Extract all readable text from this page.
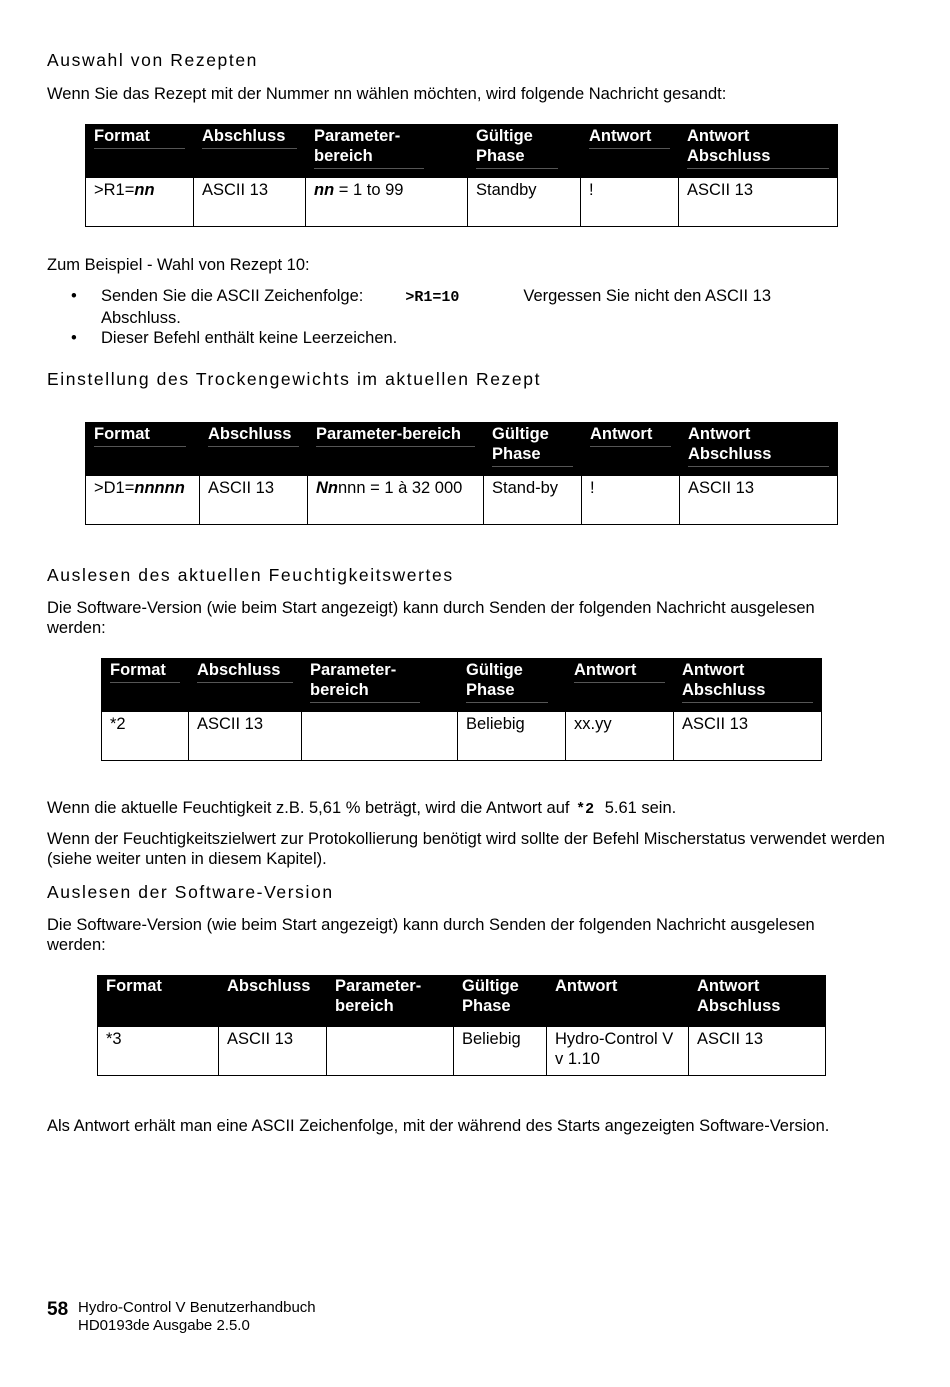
Auswahl von Rezepten
Wenn Sie das Rezept mit der Nummer nn wählen möchten, wird folgende Nachricht gesandt:
Format	Abschluss	Parameter-bereich	Gültige Phase	Antwort	Antwort Abschluss

>R1=nn	ASCII 13	nn = 1 to 99	Standby	!	ASCII 13
Zum Beispiel - Wahl von Rezept 10:
• Senden Sie die ASCII Zeichenfolge:	>R1=10	Vergessen Sie nicht den ASCII 13
Abschluss.
• Dieser Befehl enthält keine Leerzeichen.
Einstellung des Trockengewichts im aktuellen Rezept
Format	Abschluss	Parameter-bereich	Gültige Phase	Antwort	Antwort Abschluss

>D1=nnnnn	ASCII 13	Nnnnn = 1 à 32 000	Stand-by	!	ASCII 13
Auslesen des aktuellen Feuchtigkeitswertes
Die Software-Version (wie beim Start angezeigt) kann durch Senden der folgenden Nachricht ausgelesen werden:
Format	Abschluss	Parameter-bereich	Gültige Phase	Antwort	Antwort Abschluss

*2	ASCII 13		Beliebig	xx.yy	ASCII 13
Wenn die aktuelle Feuchtigkeit z.B. 5,61 % beträgt, wird die Antwort auf *2 5.61 sein.
Wenn der Feuchtigkeitszielwert zur Protokollierung benötigt wird sollte der Befehl Mischerstatus verwendet werden (siehe weiter unten in diesem Kapitel).
Auslesen der Software-Version
Die Software-Version (wie beim Start angezeigt) kann durch Senden der folgenden Nachricht ausgelesen werden:
Format	Abschluss	Parameter-bereich	Gültige Phase	Antwort	Antwort Abschluss
*3	ASCII 13		Beliebig	Hydro-Control V v 1.10	ASCII 13
Als Antwort erhält man eine ASCII Zeichenfolge, mit der während des Starts angezeigten Software-Version.
58 Hydro-Control V Benutzerhandbuch
HD0193de Ausgabe 2.5.0
